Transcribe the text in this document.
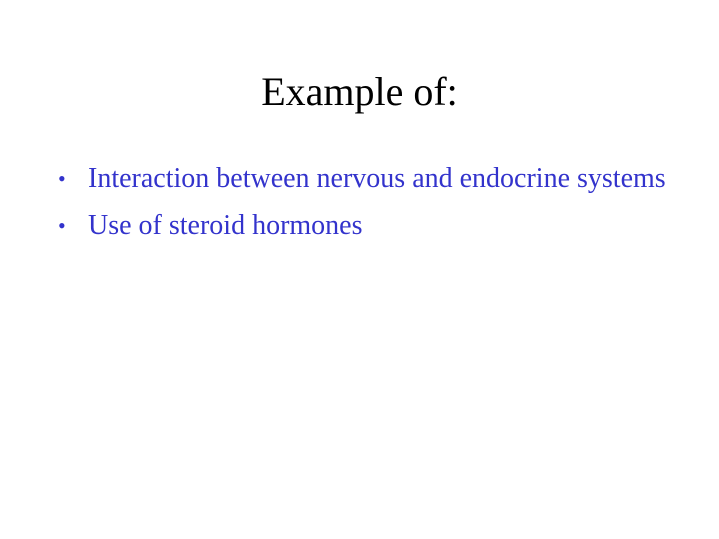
Example of:
• Interaction between nervous and endocrine systems
• Use of steroid hormones
